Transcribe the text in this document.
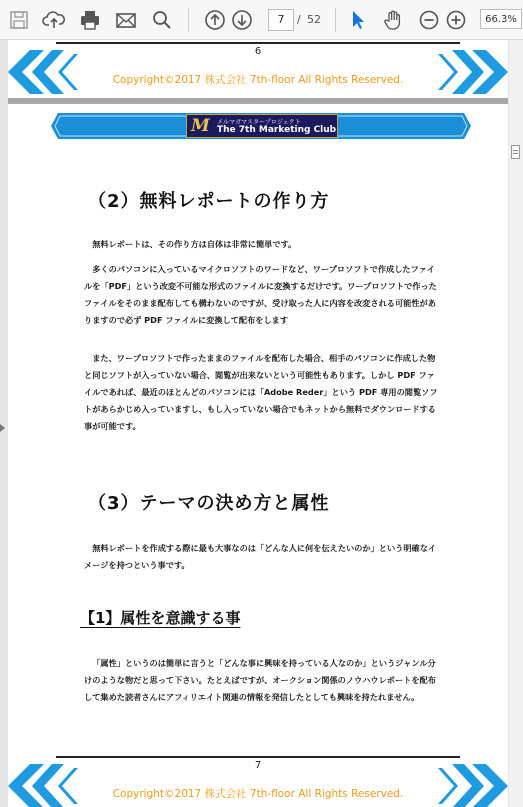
7	/ 52	66.3%
6
Copyright©2017 株式会社 7th-floor All Rights Reserved.
M メルマガマスタープロジェクト
The 7th Marketing Club
（2）無料レポートの作り方

無料レポートは、その作り方は自体は非常に簡単です。

多くのパソコンに入っているマイクロソフトのワードなど、ワープロソフトで作成したファイルを「PDF」という改変不可能な形式のファイルに変換するだけです。ワープロソフトで作ったファイルをそのまま配布しても構わないのですが、受け取った人に内容を改変される可能性がありますので必ず PDF ファイルに変換して配布をします

また、ワープロソフトで作ったままのファイルを配布した場合、相手のパソコンに作成した物と同じソフトが入っていない場合、閲覧が出来ないという可能性もあります。しかし PDF ファイルであれば、最近のほとんどのパソコンには「Adobe Reder」という PDF 専用の閲覧ソフトがあらかじめ入っていますし、もし入っていない場合でもネットから無料でダウンロードする事が可能です。

（3）テーマの決め方と属性

無料レポートを作成する際に最も大事なのは「どんな人に何を伝えたいのか」という明確なイメージを持つという事です。

【1】属性を意識する事

「属性」というのは簡単に言うと「どんな事に興味を持っている人なのか」というジャンル分けのような物だと思って下さい。たとえばですが、オークション関係のノウハウレポートを配布して集めた読者さんにアフィリエイト関連の情報を発信したとしても興味を持たれません。

7
Copyright©2017 株式会社 7th-floor All Rights Reserved.
